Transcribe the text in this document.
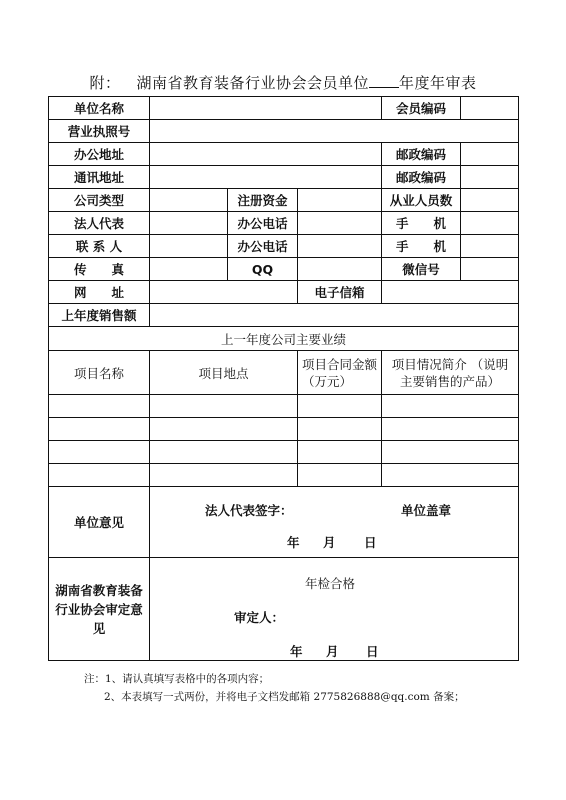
附： 湖南省教育装备行业协会会员单位 年度年审表
单位名称				会员编码	
营业执照号					
办公地址				邮政编码	
通讯地址				邮政编码	
公司类型		注册资金		从业人员数	
法人代表		办公电话		手　　机	
联 系 人		办公电话		手　　机	
传　　真		QQ		微信号	
网　　址			电子信箱		
上年度销售额					
上一年度公司主要业绩					
项目名称	项目地点		项目合同金额 （万元）	项目情况简介 （说明主要销售的产品）	

单位意见	法人代表签字： 单位盖章
年 月 日				

湖南省教育装备行业协会审定意见	年检合格
审定人：
年 月 日				
注：1、请认真填写表格中的各项内容；
2、本表填写一式两份，并将电子文档发邮箱 2775826888@qq.com 备案；
